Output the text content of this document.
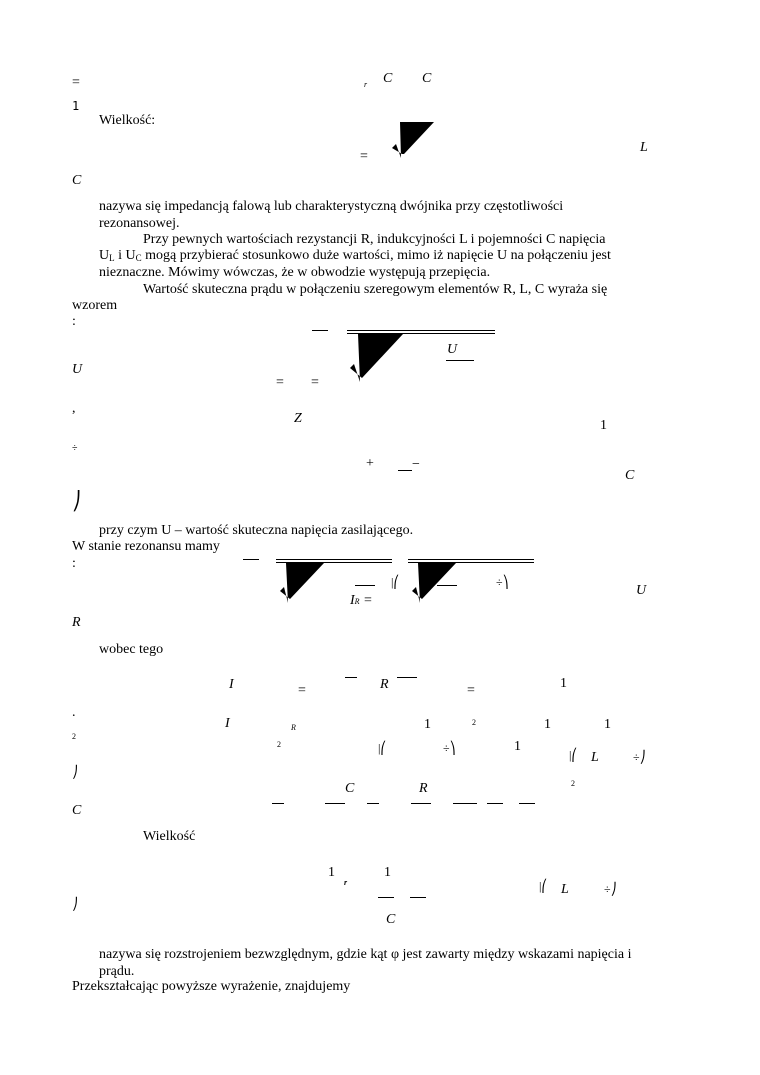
=	r C C
1
Wielkość:
=
L
C
nazywa się impedancją falową lub charakterystyczną dwójnika przy częstotliwości rezonansowej.
Przy pewnych wartościach rezystancji R, indukcyjności L i pojemności C napięcia
$U_L$ i $U_C$ mogą przybierać stosunkowo duże wartości, mimo iż napięcie U na połączeniu jest
nieznaczne. Mówimy wówczas, że w obwodzie występują przepięcia.
Wartość skuteczna prądu w połączeniu szeregowym elementów R, L, C wyraża się
wzorem
:
U
U
= =
,
Z	1
÷
+	−
C
⎠
przy czym U – wartość skuteczna napięcia zasilającego.
W stanie rezonansu mamy
:
|⎛	÷⎞
IR =
U
R
wobec tego
I	=	R	=	1
.
I	1	1	1
2
R
2
2	1
|⎛	÷⎞	|⎛ L	÷⎠
⎠
2
C	R
C
Wielkość
1	1
r	|⎛ L	÷⎠
⎠
C
nazywa się rozstrojeniem bezwzględnym, gdzie kąt φ jest zawarty między wskazami napięcia i prądu.
Przekształcając powyższe wyrażenie, znajdujemy
